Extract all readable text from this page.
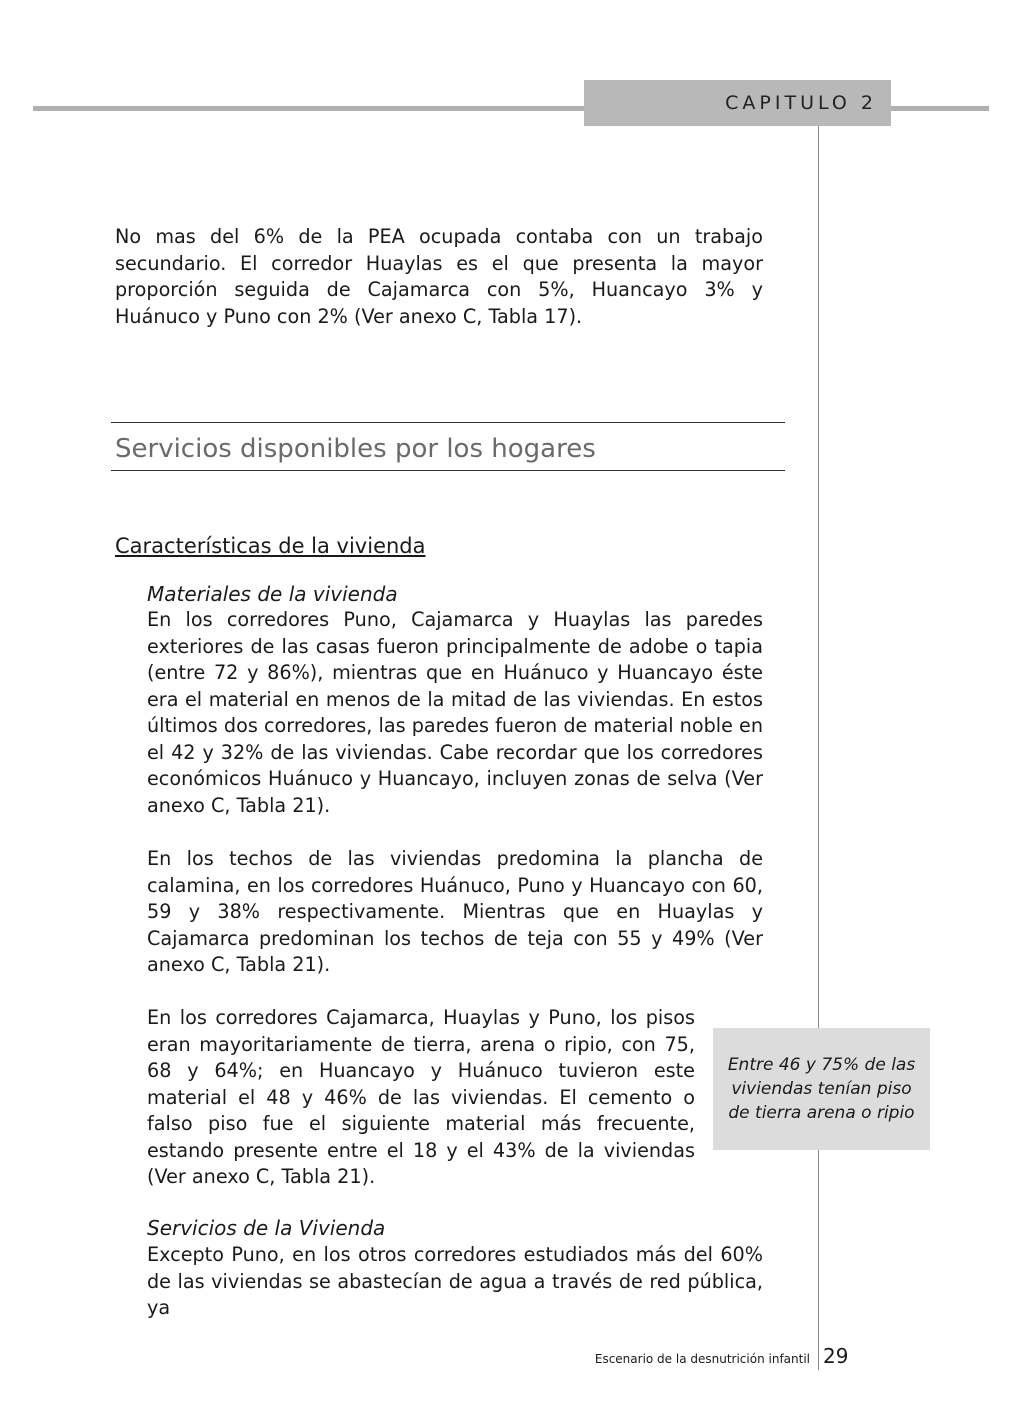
CAPITULO 2

No mas del 6% de la PEA ocupada contaba con un trabajo secundario. El corredor Huaylas es el que presenta la mayor proporción seguida de Cajamarca con 5%, Huancayo 3% y Huánuco y Puno con 2% (Ver anexo C, Tabla 17).

Servicios disponibles por los hogares
Características de la vivienda
Materiales de la vivienda

En los corredores Puno, Cajamarca y Huaylas las paredes exteriores de las casas fueron principalmente de adobe o tapia (entre 72 y 86%), mientras que en Huánuco y Huancayo éste era el material en menos de la mitad de las viviendas. En estos últimos dos corredores, las paredes fueron de material noble en el 42 y 32% de las viviendas. Cabe recordar que los corredores económicos Huánuco y Huancayo, incluyen zonas de selva (Ver anexo C, Tabla 21).

En los techos de las viviendas predomina la plancha de calamina, en los corredores Huánuco, Puno y Huancayo con 60, 59 y 38% respectivamente. Mientras que en Huaylas y Cajamarca predominan los techos de teja con 55 y 49% (Ver anexo C, Tabla 21).

En los corredores Cajamarca, Huaylas y Puno, los pisos eran mayoritariamente de tierra, arena o ripio, con 75, 68 y 64%; en Huancayo y Huánuco tuvieron este material el 48 y 46% de las viviendas. El cemento o falso piso fue el siguiente material más frecuente, estando presente entre el 18 y el 43% de la viviendas (Ver anexo C, Tabla 21).

Entre 46 y 75% de las viviendas tenían piso de tierra arena o ripio
Servicios de la Vivienda

Excepto Puno, en los otros corredores estudiados más del 60% de las viviendas se abastecían de agua a través de red pública, ya

Escenario de la desnutrición infantil 29
